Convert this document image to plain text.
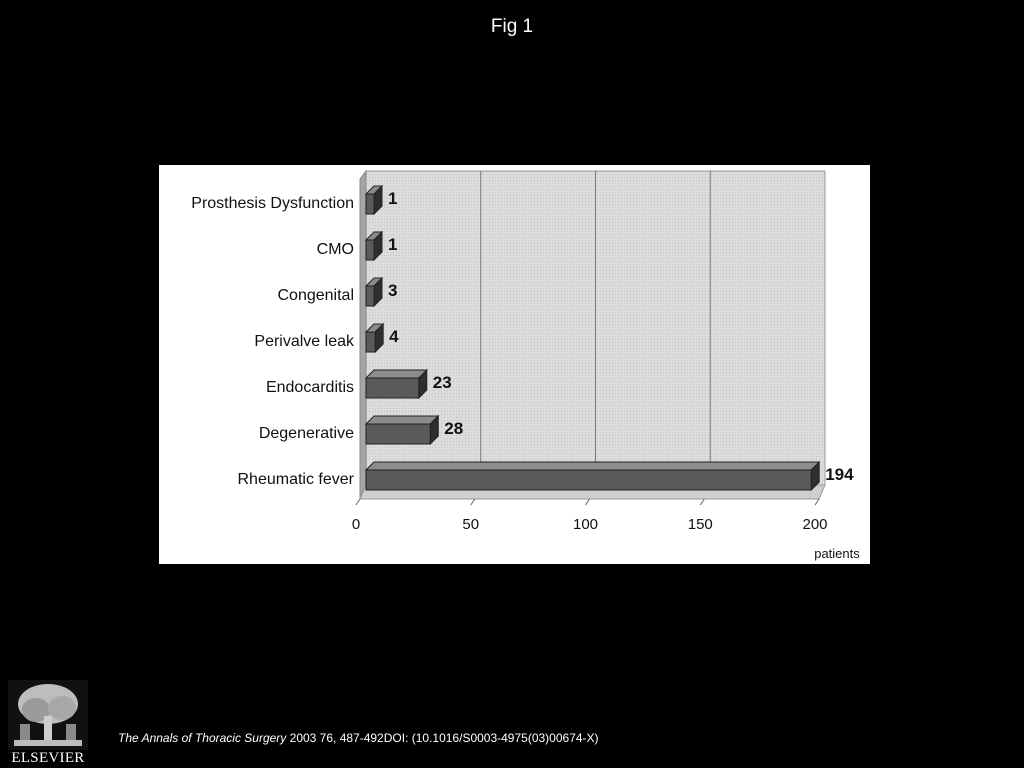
Fig 1
0	50	100	150	200
patients
Prosthesis Dysfunction 1
CMO 1
Congenital 3
Perivalve leak 4
Endocarditis	23
Degenerative	28
Rheumatic fever	194
ELSEVIER
The Annals of Thoracic Surgery 2003 76, 487-492DOI: (10.1016/S0003-4975(03)00674-X)
